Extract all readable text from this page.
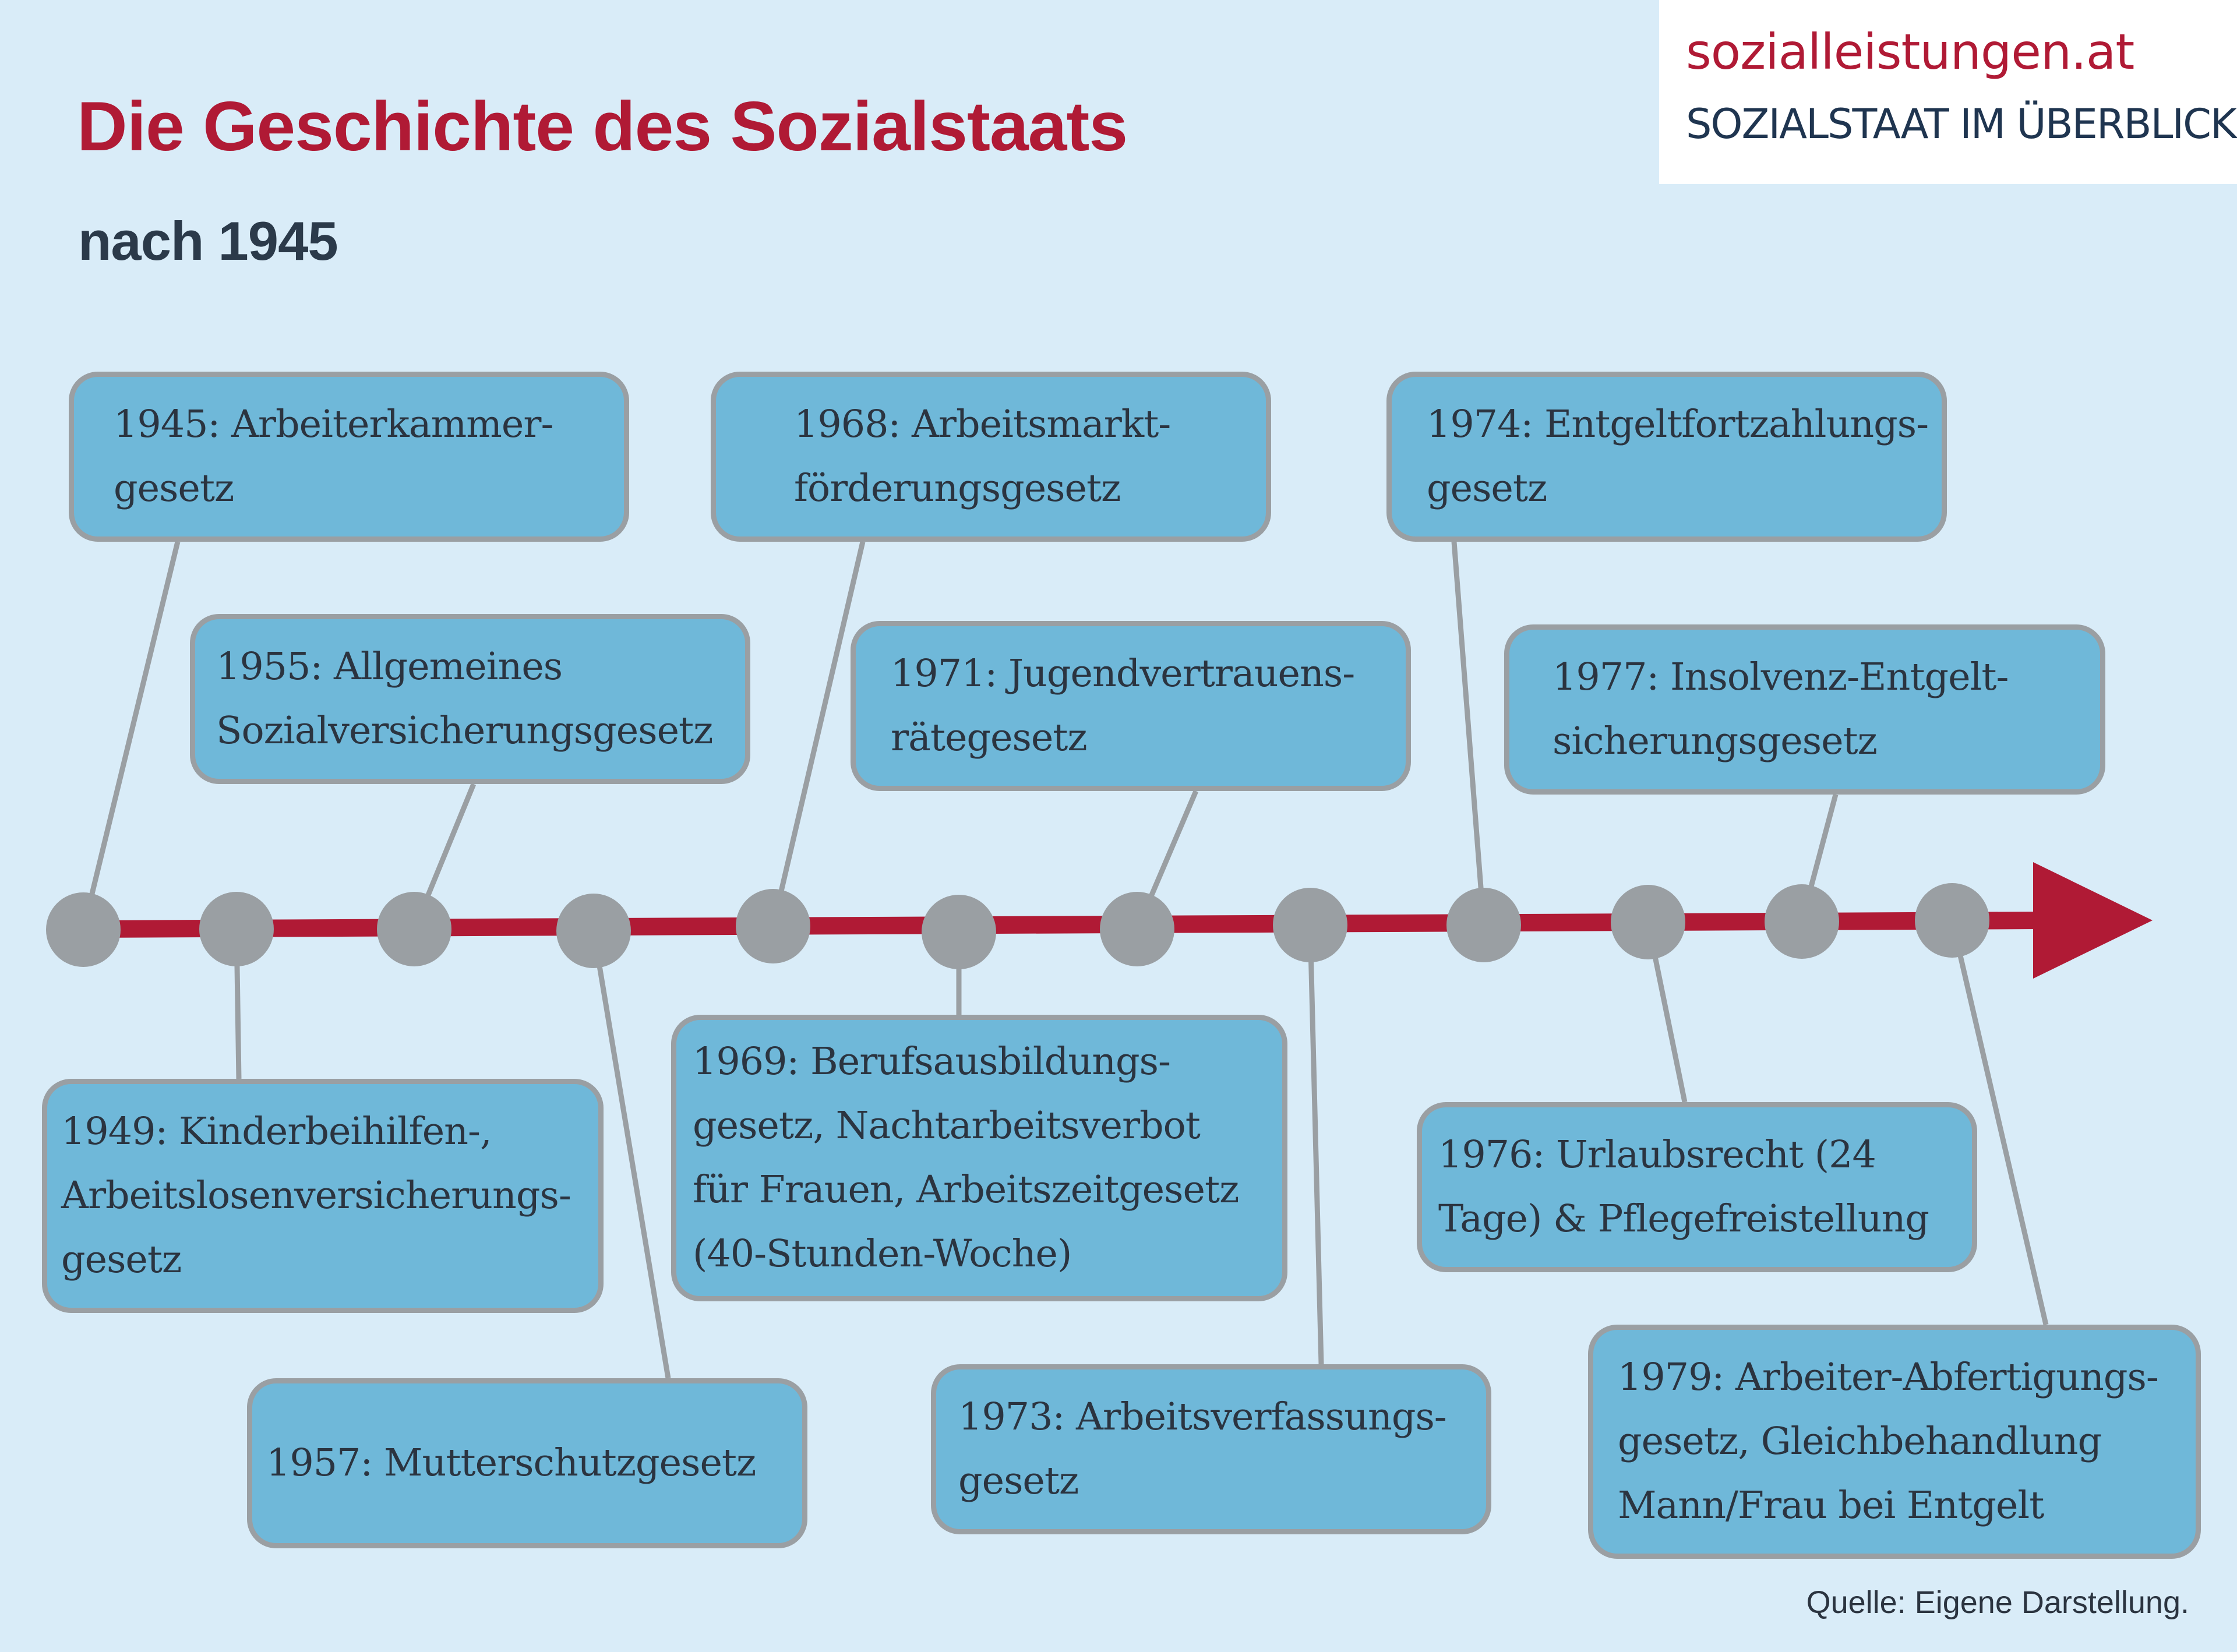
Die Geschichte des Sozialstaats
nach 1945
sozialleistungen.at
SOZIALSTAAT IM ÜBERBLICK
1945: Arbeiterkammer-
gesetz
1949: Kinderbeihilfen-,
Arbeitslosenversicherungs-
gesetz
1955: Allgemeines
Sozialversicherungsgesetz
1957: Mutterschutzgesetz
1968: Arbeitsmarkt-
förderungsgesetz
1969: Berufsausbildungs-
gesetz, Nachtarbeitsverbot
für Frauen, Arbeitszeitgesetz
(40-Stunden-Woche)
1971: Jugendvertrauens-
rätegesetz
1973: Arbeitsverfassungs-
gesetz
1974: Entgeltfortzahlungs-
gesetz
1976: Urlaubsrecht (24
Tage) & Pflegefreistellung
1977: Insolvenz-Entgelt-
sicherungsgesetz
1979: Arbeiter-Abfertigungs-
gesetz, Gleichbehandlung
Mann/Frau bei Entgelt
Quelle: Eigene Darstellung.
